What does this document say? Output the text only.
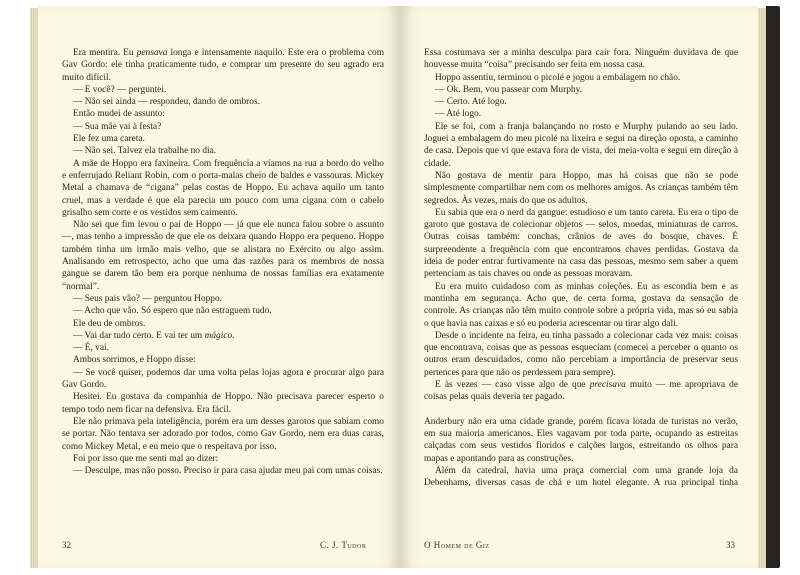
Era mentira. Eu pensava longa e intensamente naquilo. Este era o problema com Gav Gordo: ele tinha praticamente tudo, e comprar um presente do seu agrado era muito difícil.

— E você? — perguntei.

— Não sei ainda — respondeu, dando de ombros.

Então mudei de assunto:

— Sua mãe vai à festa?

Ele fez uma careta.

— Não sei. Talvez ela trabalhe no dia.

A mãe de Hoppo era faxineira. Com frequência a víamos na rua a bordo do velho e enferrujado Reliant Robin, com o porta-malas cheio de baldes e vassouras. Mickey Metal a chamava de “cigana” pelas costas de Hoppo. Eu achava aquilo um tanto cruel, mas a verdade é que ela parecia um pouco com uma cigana com o cabelo grisalho sem corte e os vestidos sem caimento.

Não sei que fim levou o pai de Hoppo — já que ele nunca falou sobre o assunto —, mas tenho a impressão de que ele os deixara quando Hoppo era pequeno. Hoppo também tinha um irmão mais velho, que se alistara no Exército ou algo assim. Analisando em retrospecto, acho que uma das razões para os membros de nossa gangue se darem tão bem era porque nenhuma de nossas famílias era exatamente “normal”.

— Seus pais vão? — perguntou Hoppo.

— Acho que vão. Só espero que não estraguem tudo.

Ele deu de ombros.

— Vai dar tudo certo. E vai ter um mágico.

— É, vai.

Ambos sorrimos, e Hoppo disse:

— Se você quiser, podemos dar uma volta pelas lojas agora e procurar algo para Gav Gordo.

Hesitei. Eu gostava da companhia de Hoppo. Não precisava parecer esperto o tempo todo nem ficar na defensiva. Era fácil.

Ele não primava pela inteligência, porém era um desses garotos que sabiam como se portar. Não tentava ser adorado por todos, como Gav Gordo, nem era duas caras, como Mickey Metal, e eu meio que o respeitava por isso.

Foi por isso que me senti mal ao dizer:

— Desculpe, mas não posso. Preciso ir para casa ajudar meu pai com umas coisas.

32	C. J. Tudor

Essa costumava ser a minha desculpa para cair fora. Ninguém duvidava de que houvesse muita “coisa” precisando ser feita em nossa casa.

Hoppo assentiu, terminou o picolé e jogou a embalagem no chão.

— Ok. Bem, vou passear com Murphy.

— Certo. Até logo.

— Até logo.

Ele se foi, com a franja balançando no rosto e Murphy pulando ao seu lado. Joguei a embalagem do meu picolé na lixeira e segui na direção oposta, a caminho de casa. Depois que vi que estava fora de vista, dei meia-volta e segui em direção à cidade.

Não gostava de mentir para Hoppo, mas há coisas que não se pode simplesmente compartilhar nem com os melhores amigos. As crianças também têm segredos. Às vezes, mais do que os adultos.

Eu sabia que era o nerd da gangue: estudioso e um tanto careta. Eu era o tipo de garoto que gostava de colecionar objetos — selos, moedas, miniaturas de carros. Outras coisas também: conchas, crânios de aves do bosque, chaves. É surpreendente a frequência com que encontramos chaves perdidas. Gostava da ideia de poder entrar furtivamente na casa das pessoas, mesmo sem saber a quem pertenciam as tais chaves ou onde as pessoas moravam.

Eu era muito cuidadoso com as minhas coleções. Eu as escondia bem e as mantinha em segurança. Acho que, de certa forma, gostava da sensação de controle. As crianças não têm muito controle sobre a própria vida, mas só eu sabia o que havia nas caixas e só eu poderia acrescentar ou tirar algo dali.

Desde o incidente na feira, eu tinha passado a colecionar cada vez mais: coisas que encontrava, coisas que as pessoas esqueciam (comecei a perceber o quanto os outros eram descuidados, como não percebiam a importância de preservar seus pertences para que não os perdessem para sempre).

E às vezes — caso visse algo de que precisava muito — me apropriava de coisas pelas quais deveria ter pagado.

Anderbury não era uma cidade grande, porém ficava lotada de turistas no verão, em sua maioria americanos. Eles vagavam por toda parte, ocupando as estreitas calçadas com seus vestidos floridos e calções largos, estreitando os olhos para mapas e apontando para as construções.

Além da catedral, havia uma praça comercial com uma grande loja da Debenhams, diversas casas de chá e um hotel elegante. A rua principal tinha

O Homem de Giz	33
